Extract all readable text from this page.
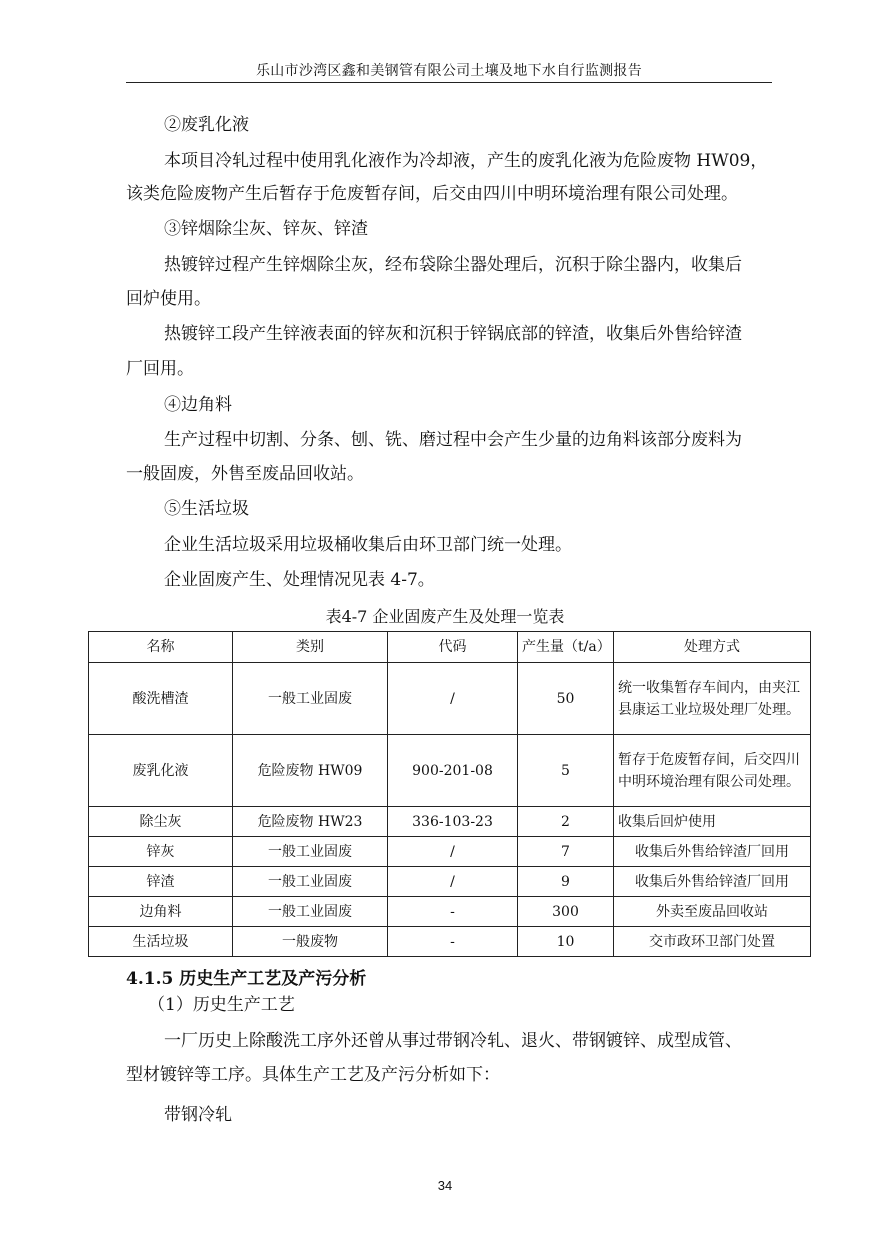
乐山市沙湾区鑫和美钢管有限公司土壤及地下水自行监测报告
②废乳化液
本项目冷轧过程中使用乳化液作为冷却液，产生的废乳化液为危险废物 HW09，
该类危险废物产生后暂存于危废暂存间，后交由四川中明环境治理有限公司处理。
③锌烟除尘灰、锌灰、锌渣
热镀锌过程产生锌烟除尘灰，经布袋除尘器处理后，沉积于除尘器内，收集后
回炉使用。
热镀锌工段产生锌液表面的锌灰和沉积于锌锅底部的锌渣，收集后外售给锌渣
厂回用。
④边角料
生产过程中切割、分条、刨、铣、磨过程中会产生少量的边角料该部分废料为
一般固废，外售至废品回收站。
⑤生活垃圾
企业生活垃圾采用垃圾桶收集后由环卫部门统一处理。
企业固废产生、处理情况见表 4-7。
表4-7 企业固废产生及处理一览表
名称	类别	代码	产生量（t/a）	处理方式
酸洗槽渣	一般工业固废	/	50	统一收集暂存车间内，由夹江县康运工业垃圾处理厂处理。
废乳化液	危险废物 HW09	900-201-08	5	暂存于危废暂存间，后交四川中明环境治理有限公司处理。
除尘灰	危险废物 HW23	336-103-23	2	收集后回炉使用
锌灰	一般工业固废	/	7	收集后外售给锌渣厂回用
锌渣	一般工业固废	/	9	收集后外售给锌渣厂回用
边角料	一般工业固废	-	300	外卖至废品回收站
生活垃圾	一般废物	-	10	交市政环卫部门处置
4.1.5 历史生产工艺及产污分析
（1）历史生产工艺
一厂历史上除酸洗工序外还曾从事过带钢冷轧、退火、带钢镀锌、成型成管、
型材镀锌等工序。具体生产工艺及产污分析如下：
带钢冷轧
34
